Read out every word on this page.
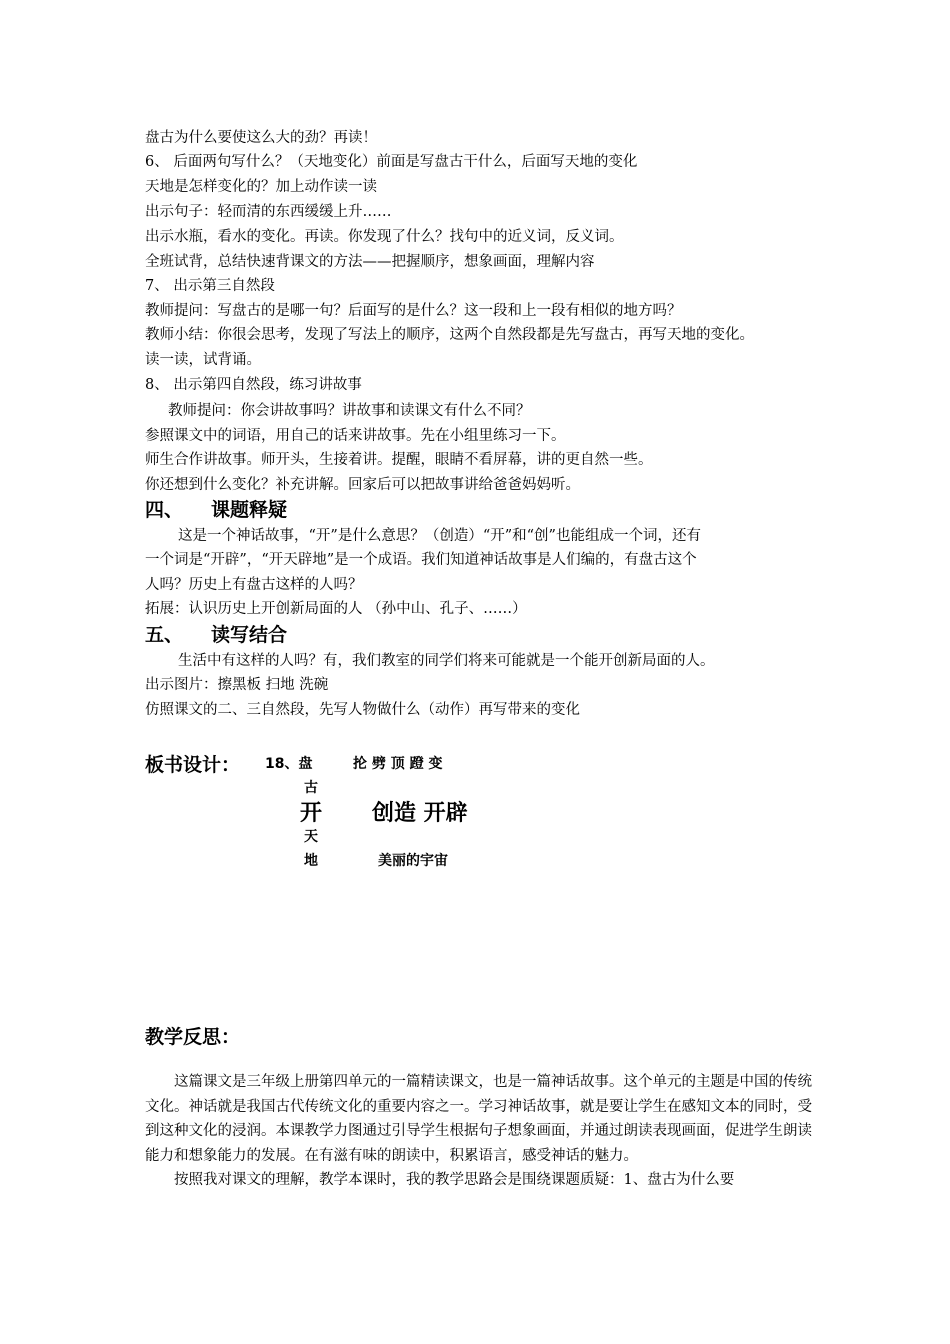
盘古为什么要使这么大的劲？再读！
6、 后面两句写什么？（天地变化）前面是写盘古干什么，后面写天地的变化
天地是怎样变化的？加上动作读一读
出示句子：轻而清的东西缓缓上升……
出示水瓶，看水的变化。再读。你发现了什么？找句中的近义词，反义词。
全班试背，总结快速背课文的方法——把握顺序，想象画面，理解内容
7、 出示第三自然段
教师提问：写盘古的是哪一句？后面写的是什么？这一段和上一段有相似的地方吗？
教师小结：你很会思考，发现了写法上的顺序，这两个自然段都是先写盘古，再写天地的变化。
读一读，试背诵。
8、 出示第四自然段，练习讲故事
教师提问：你会讲故事吗？讲故事和读课文有什么不同？
参照课文中的词语，用自己的话来讲故事。先在小组里练习一下。
师生合作讲故事。师开头，生接着讲。提醒，眼睛不看屏幕，讲的更自然一些。
你还想到什么变化？补充讲解。回家后可以把故事讲给爸爸妈妈听。
四、 课题释疑
这是一个神话故事，“开”是什么意思？（创造）“开”和“创”也能组成一个词，还有
一个词是“开辟”，“开天辟地”是一个成语。我们知道神话故事是人们编的，有盘古这个
人吗？历史上有盘古这样的人吗？
拓展：认识历史上开创新局面的人 （孙中山、孔子、……）
五、 读写结合
生活中有这样的人吗？有，我们教室的同学们将来可能就是一个能开创新局面的人。
出示图片：擦黑板 扫地 洗碗
仿照课文的二、三自然段，先写人物做什么（动作）再写带来的变化
板书设计： 18、盘	抡 劈 顶 蹬 变
古
开 创造 开辟
天
地	美丽的宇宙
教学反思：

这篇课文是三年级上册第四单元的一篇精读课文，也是一篇神话故事。这个单元的主题是中国的传统文化。神话就是我国古代传统文化的重要内容之一。学习神话故事，就是要让学生在感知文本的同时，受到这种文化的浸润。本课教学力图通过引导学生根据句子想象画面，并通过朗读表现画面，促进学生朗读能力和想象能力的发展。在有滋有味的朗读中，积累语言，感受神话的魅力。

按照我对课文的理解，教学本课时，我的教学思路会是围绕课题质疑：1、盘古为什么要
